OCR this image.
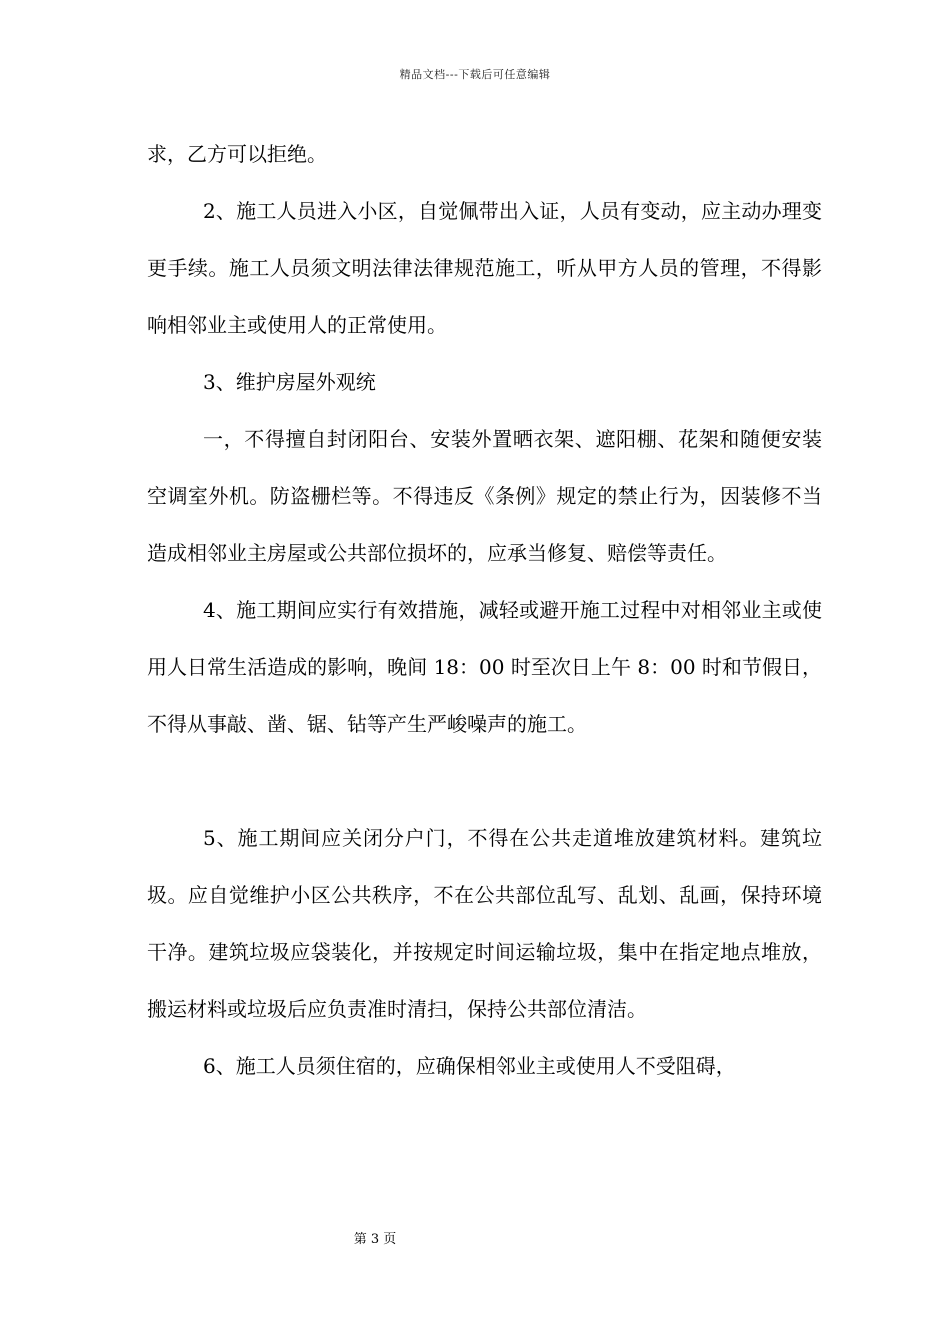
精品文档---下载后可任意编辑

求，乙方可以拒绝。

2、施工人员进入小区，自觉佩带出入证，人员有变动，应主动办理变更手续。施工人员须文明法律法律规范施工，听从甲方人员的管理，不得影响相邻业主或使用人的正常使用。

3、维护房屋外观统

一，不得擅自封闭阳台、安装外置晒衣架、遮阳棚、花架和随便安装空调室外机。防盗栅栏等。不得违反《条例》规定的禁止行为，因装修不当造成相邻业主房屋或公共部位损坏的，应承当修复、赔偿等责任。

4、施工期间应实行有效措施，减轻或避开施工过程中对相邻业主或使用人日常生活造成的影响，晚间 18：00 时至次日上午 8：00 时和节假日，不得从事敲、凿、锯、钻等产生严峻噪声的施工。

5、施工期间应关闭分户门，不得在公共走道堆放建筑材料。建筑垃圾。应自觉维护小区公共秩序，不在公共部位乱写、乱划、乱画，保持环境干净。建筑垃圾应袋装化，并按规定时间运输垃圾，集中在指定地点堆放，搬运材料或垃圾后应负责准时清扫，保持公共部位清洁。

6、施工人员须住宿的，应确保相邻业主或使用人不受阻碍，

第 3 页
